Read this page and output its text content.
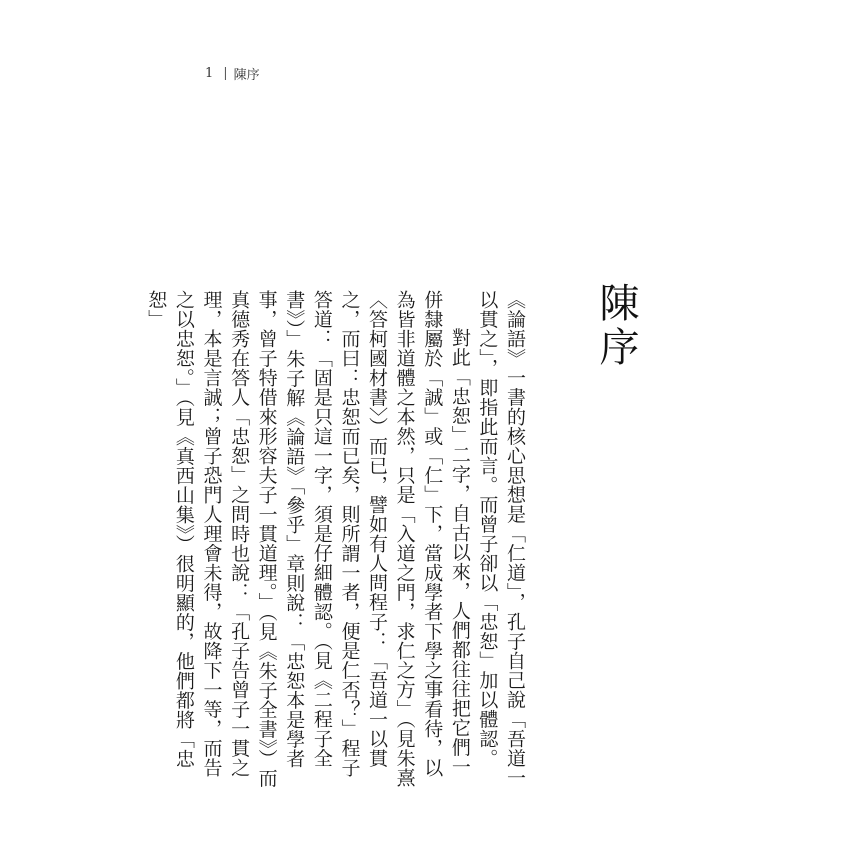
1 | 陳序
陳序

《論語》一書的核心思想是「仁道」，孔子自己說「吾道一以貫之」，即指此而言。而曾子卻以「忠恕」加以體認。

對此「忠恕」二字，自古以來，人們都往往把它們一併隸屬於「誠」或「仁」下，當成學者下學之事看待，以為皆非道體之本然，只是「入道之門，求仁之方」（見朱熹〈答柯國材書〉）而已，譬如有人問程子：「吾道一以貫之，而曰：忠恕而已矣，則所謂一者，便是仁否？」程子答道：「固是只這一字，須是仔細體認。（見《二程子全書》）」朱子解《論語》「參乎」章則說：「忠恕本是學者事，曾子特借來形容夫子一貫道理。」（見《朱子全書》）而真德秀在答人「忠恕」之問時也說：「孔子告曾子一貫之理，本是言誠；曾子恐門人理會未得，故降下一等，而告之以忠恕。」（見《真西山集》）很明顯的，他們都將「忠恕」
